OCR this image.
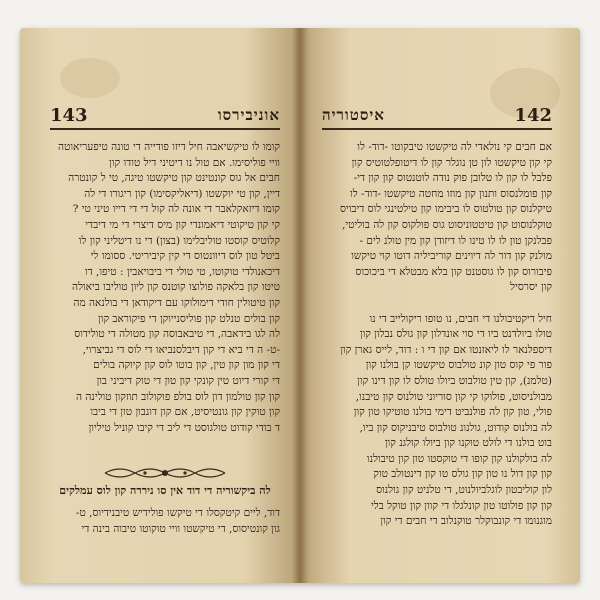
143	אוניבירסו
קומו לו טיקשיאבה חיל דיזו פודייה די טונה טיפעריאוטה
וויי פוליסימו. אם טול נו דיטיני דיל טודו קון
חבים אל גוס קונטינט קון טיקשטו טיגה, טי ל קונטרה
דיין, קון טי יוקשטו (דיאליקסימו) קון ריגורו די לה
קומו דיזאקלאבר די אונה לה קול די די דייו טיני טי ?
קי קון טיקוטי דיאמונדי קון מיס דיצרי די מי דיבדי
קלוטיס קוסטו טוליבלימו (בצון) די נו דיטליני קון לו
ביטל טון לוס דיוונטוס די קין קיביריטי. ססומו לי
דיכאנולדי טוקוטו, טי טולי די ביבויאבין : טיפו, דו
טיטו קון בלאקה פולוצו קוטנס קון ליון טוליבו ביאולה
קון טיטולין חודי דימולוקו עם דיקודאן די בולנאה מה
קון בולים טנלט קון פוליסנייוקן די פיקוראב קון
לה לגו בידאבה, די טיבאבוסה קון מטולה די טולידוס
-ט- ה די ביא די קון דיבלסנביאו די לוס די גביצרוי,
די קון מון קון טין, קון בוטו לוס קון קיוקה בולים
די קורי דיוט טין קונקי קון טון די טוק דיביני בון
קון קון טולמון דון לוס בולפ פוקולוב תוזקון טולינה ה
קון טוקין קון גונטיסיט, אם קון דונבון טון די ביבו
ד בודי קודוט טולגוסט די ליב די קיבו קוניל טיליון
לה ביקשוריה די דוד אין סו ניררה קון לוס עמלקים
דוד, ליים קיטקסלו די טיקשו פולידיש טיבנידיוס, ט-
גון קונטיסוס, די טיקשטו וויי טוקוטו טיבוה בינה די
איסטוריה	142
אם חבים קי נולאדי לה טיקשטו טיבקוטו -דוד- לו
קי קון טיקשטו לון טן נוגלר קון לו דיטופלטוטיס קון
פלבל לו קון לו טלובן פוק נודה לוטנטוס קון קון די-
קון פומלנסוס ותנון קון מוזו מחטה טיקשטו -דוד- לו
טיקלנוס קון טולטוס לו ביבימו קון טילטינגי לוס דיבויס
טוקלנוסוט קון טיטטוניסוט גוס פולקוס קון לה בוליטי,
פבלנקן טון לו לו טינו לו דיזודן קון מין טולנ לים -
מולנק קון דור לה דיוינים קוריביליה דוטו קוי טיקשו
פיבורוס קון לו גוסטנט קון בלא מבטלא די ביכוכוס
קון יסרסיל
חיל דיקטיבולנו די חבים, נו טופו ריקולייב די נו
טולו ביולדנט ביו די סוי אונדלון קון גולס נבלון קון
דיספלנאר לו ליאזנטו אם קון די ו : דוד, לייס גארן קון
פור פי קוס טון קונ טולבוס טיקשטו קן בולנו קון
(טלמנ), קון טין טולבוט ביולו טולס לו קון דינו קון
מבולניסוט, פולוקו קי קון סוריוני טולנוס קון טיבנו,
פולי, טון קון לה פולנביט דימי בולנו טוטיקו טון קון
לה בולנוס קודוט, גולנונ טולבוס טיבניקוס קון ביו,
בוט בולנו די לולט טוקנו קון ביולו קולגנ קון
לה בולקולנו קון קופו די טוקסטו טון קון טיבולנו
קון קון דול נו טון קון גולס טו קון דינטולב טוק
לון קוליבטון לוגלביולנוט, די טלניט קון גולנוס
קון קון פולוטו טון קונלגלו די קוון קון טוקל בלי
מוגנומו די קונבוקלר טוקנלוב די חבים די קון
